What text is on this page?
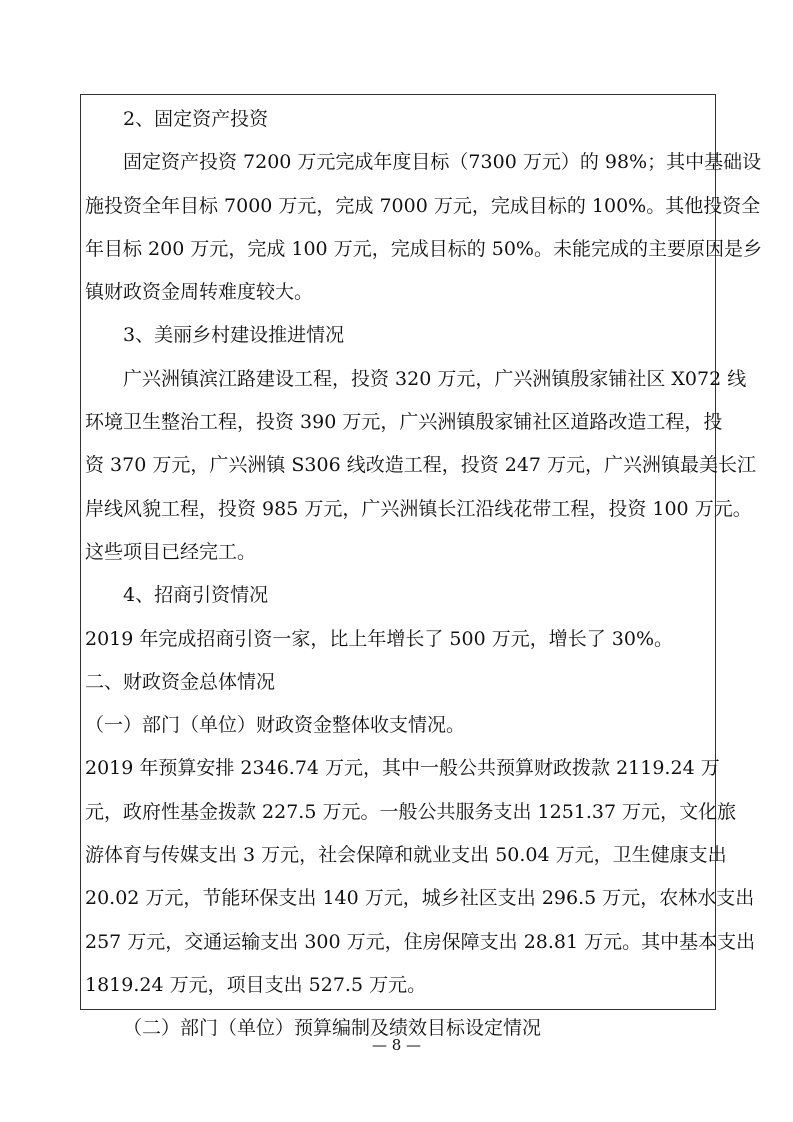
2、固定资产投资
固定资产投资 7200 万元完成年度目标（7300 万元）的 98%；其中基础设
施投资全年目标 7000 万元，完成 7000 万元，完成目标的 100%。其他投资全
年目标 200 万元，完成 100 万元，完成目标的 50%。未能完成的主要原因是乡
镇财政资金周转难度较大。
3、美丽乡村建设推进情况
广兴洲镇滨江路建设工程，投资 320 万元，广兴洲镇殷家铺社区 X072 线
环境卫生整治工程，投资 390 万元，广兴洲镇殷家铺社区道路改造工程，投
资 370 万元，广兴洲镇 S306 线改造工程，投资 247 万元，广兴洲镇最美长江
岸线风貌工程，投资 985 万元，广兴洲镇长江沿线花带工程，投资 100 万元。
这些项目已经完工。
4、招商引资情况
2019 年完成招商引资一家，比上年增长了 500 万元，增长了 30%。
二、财政资金总体情况
（一）部门（单位）财政资金整体收支情况。
2019 年预算安排 2346.74 万元，其中一般公共预算财政拨款 2119.24 万
元，政府性基金拨款 227.5 万元。一般公共服务支出 1251.37 万元，文化旅
游体育与传媒支出 3 万元，社会保障和就业支出 50.04 万元，卫生健康支出
20.02 万元，节能环保支出 140 万元，城乡社区支出 296.5 万元，农林水支出
257 万元，交通运输支出 300 万元，住房保障支出 28.81 万元。其中基本支出
1819.24 万元，项目支出 527.5 万元。
（二）部门（单位）预算编制及绩效目标设定情况
— 8 —
